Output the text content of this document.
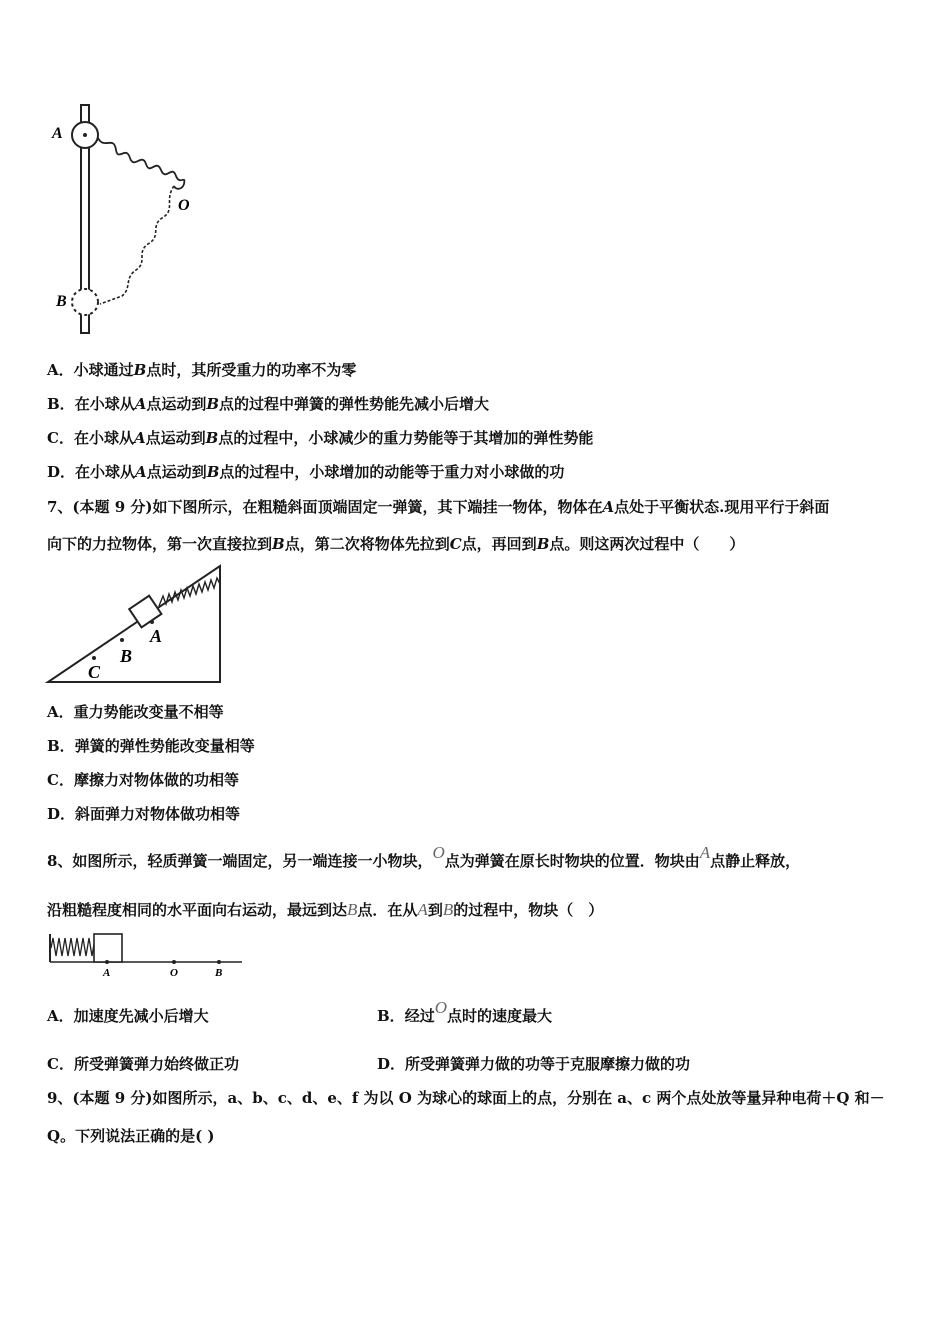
A
O
B
A．小球通过B点时，其所受重力的功率不为零
B．在小球从A点运动到B点的过程中弹簧的弹性势能先减小后增大
C．在小球从A点运动到B点的过程中，小球减少的重力势能等于其增加的弹性势能
D．在小球从A点运动到B点的过程中，小球增加的动能等于重力对小球做的功
7、(本题 9 分)如下图所示，在粗糙斜面顶端固定一弹簧，其下端挂一物体，物体在A点处于平衡状态.现用平行于斜面
向下的力拉物体，第一次直接拉到B点，第二次将物体先拉到C点，再回到B点。则这两次过程中（　　）
A
B
C
A．重力势能改变量不相等
B．弹簧的弹性势能改变量相等
C．摩擦力对物体做的功相等
D．斜面弹力对物体做功相等
8、如图所示，轻质弹簧一端固定，另一端连接一小物块，O点为弹簧在原长时物块的位置．物块由A点静止释放，
沿粗糙程度相同的水平面向右运动，最远到达B点．在从A到B的过程中，物块（　）
A	O	B
A．加速度先减小后增大	B．经过O点时的速度最大
C．所受弹簧弹力始终做正功	D．所受弹簧弹力做的功等于克服摩擦力做的功
9、(本题 9 分)如图所示，a、b、c、d、e、f 为以 O 为球心的球面上的点，分别在 a、c 两个点处放等量异种电荷＋Q 和－
Q。下列说法正确的是( )
